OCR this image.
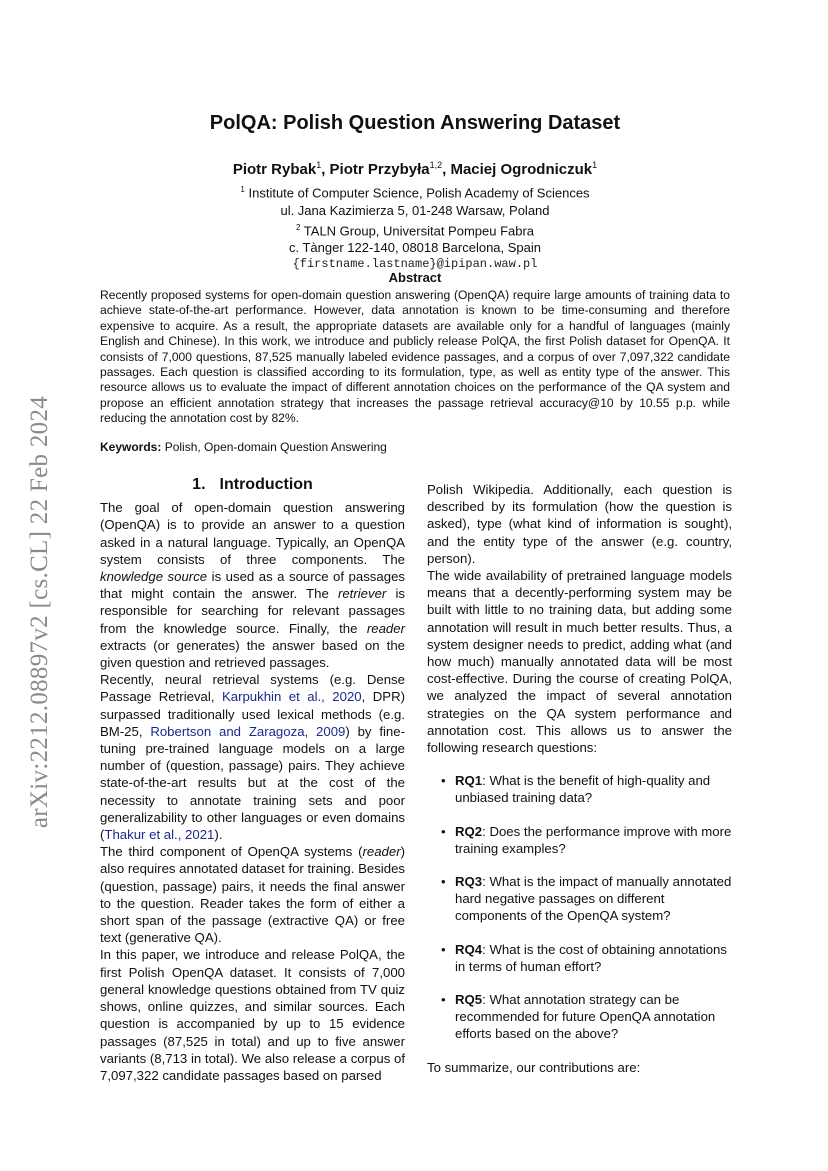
arXiv:2212.08897v2 [cs.CL] 22 Feb 2024
PolQA: Polish Question Answering Dataset

Piotr Rybak$^1$, Piotr Przybyła$^{1,2}$, Maciej Ogrodniczuk$^1$

$^1$ Institute of Computer Science, Polish Academy of Sciences

ul. Jana Kazimierza 5, 01-248 Warsaw, Poland

$^2$ TALN Group, Universitat Pompeu Fabra

c. Tànger 122-140, 08018 Barcelona, Spain

{firstname.lastname}@ipipan.waw.pl

Abstract

Recently proposed systems for open-domain question answering (OpenQA) require large amounts of training data to achieve state-of-the-art performance. However, data annotation is known to be time-consuming and therefore expensive to acquire. As a result, the appropriate datasets are available only for a handful of languages (mainly English and Chinese). In this work, we introduce and publicly release PolQA, the first Polish dataset for OpenQA. It consists of 7,000 questions, 87,525 manually labeled evidence passages, and a corpus of over 7,097,322 candidate passages. Each question is classified according to its formulation, type, as well as entity type of the answer. This resource allows us to evaluate the impact of different annotation choices on the performance of the QA system and propose an efficient annotation strategy that increases the passage retrieval accuracy@10 by 10.55 p.p. while reducing the annotation cost by 82%.

Keywords: Polish, Open-domain Question Answering

1. Introduction

The goal of open-domain question answering (OpenQA) is to provide an answer to a question asked in a natural language. Typically, an OpenQA system consists of three components. The knowledge source is used as a source of passages that might contain the answer. The retriever is responsible for searching for relevant passages from the knowledge source. Finally, the reader extracts (or generates) the answer based on the given question and retrieved passages.

Recently, neural retrieval systems (e.g. Dense Passage Retrieval, Karpukhin et al., 2020, DPR) surpassed traditionally used lexical methods (e.g. BM-25, Robertson and Zaragoza, 2009) by fine-tuning pre-trained language models on a large number of (question, passage) pairs. They achieve state-of-the-art results but at the cost of the necessity to annotate training sets and poor generalizability to other languages or even domains (Thakur et al., 2021).

The third component of OpenQA systems (reader) also requires annotated dataset for training. Besides (question, passage) pairs, it needs the final answer to the question. Reader takes the form of either a short span of the passage (extractive QA) or free text (generative QA).

In this paper, we introduce and release PolQA, the first Polish OpenQA dataset. It consists of 7,000 general knowledge questions obtained from TV quiz shows, online quizzes, and similar sources. Each question is accompanied by up to 15 evidence passages (87,525 in total) and up to five answer variants (8,713 in total). We also release a corpus of 7,097,322 candidate passages based on parsed

Polish Wikipedia. Additionally, each question is described by its formulation (how the question is asked), type (what kind of information is sought), and the entity type of the answer (e.g. country, person).

The wide availability of pretrained language models means that a decently-performing system may be built with little to no training data, but adding some annotation will result in much better results. Thus, a system designer needs to predict, adding what (and how much) manually annotated data will be most cost-effective. During the course of creating PolQA, we analyzed the impact of several annotation strategies on the QA system performance and annotation cost. This allows us to answer the following research questions:

• RQ1: What is the benefit of high-quality and unbiased training data?
• RQ2: Does the performance improve with more training examples?
• RQ3: What is the impact of manually annotated hard negative passages on different components of the OpenQA system?
• RQ4: What is the cost of obtaining annotations in terms of human effort?
• RQ5: What annotation strategy can be recommended for future OpenQA annotation efforts based on the above?

To summarize, our contributions are:
